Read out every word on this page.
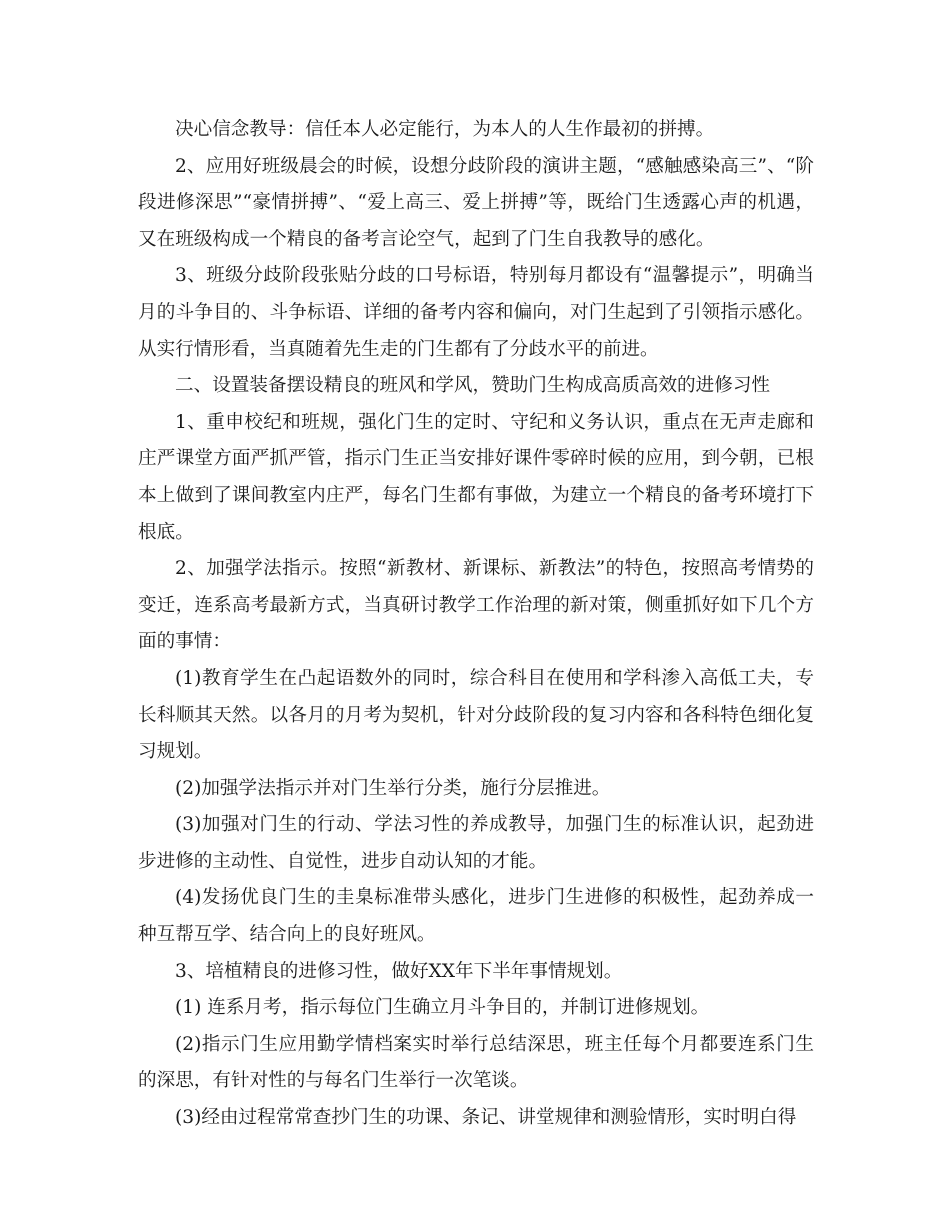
决心信念教导：信任本人必定能行，为本人的人生作最初的拼搏。

2、应用好班级晨会的时候，设想分歧阶段的演讲主题，“感触感染高三”、“阶段进修深思”“豪情拼搏”、“爱上高三、爱上拼搏”等，既给门生透露心声的机遇，又在班级构成一个精良的备考言论空气，起到了门生自我教导的感化。

3、班级分歧阶段张贴分歧的口号标语，特别每月都设有“温馨提示”，明确当月的斗争目的、斗争标语、详细的备考内容和偏向，对门生起到了引领指示感化。从实行情形看，当真随着先生走的门生都有了分歧水平的前进。

二、设置装备摆设精良的班风和学风，赞助门生构成高质高效的进修习性

1、重申校纪和班规，强化门生的定时、守纪和义务认识，重点在无声走廊和庄严课堂方面严抓严管，指示门生正当安排好课件零碎时候的应用，到今朝，已根本上做到了课间教室内庄严，每名门生都有事做，为建立一个精良的备考环境打下根底。

2、加强学法指示。按照“新教材、新课标、新教法”的特色，按照高考情势的变迁，连系高考最新方式，当真研讨教学工作治理的新对策，侧重抓好如下几个方面的事情：

(1)教育学生在凸起语数外的同时，综合科目在使用和学科渗入高低工夫，专长科顺其天然。以各月的月考为契机，针对分歧阶段的复习内容和各科特色细化复习规划。

(2)加强学法指示并对门生举行分类，施行分层推进。

(3)加强对门生的行动、学法习性的养成教导，加强门生的标准认识，起劲进步进修的主动性、自觉性，进步自动认知的才能。

(4)发扬优良门生的圭臬标准带头感化，进步门生进修的积极性，起劲养成一种互帮互学、结合向上的良好班风。

3、培植精良的进修习性，做好XX年下半年事情规划。

(1) 连系月考，指示每位门生确立月斗争目的，并制订进修规划。

(2)指示门生应用勤学情档案实时举行总结深思，班主任每个月都要连系门生的深思，有针对性的与每名门生举行一次笔谈。

(3)经由过程常常查抄门生的功课、条记、讲堂规律和测验情形，实时明白得
